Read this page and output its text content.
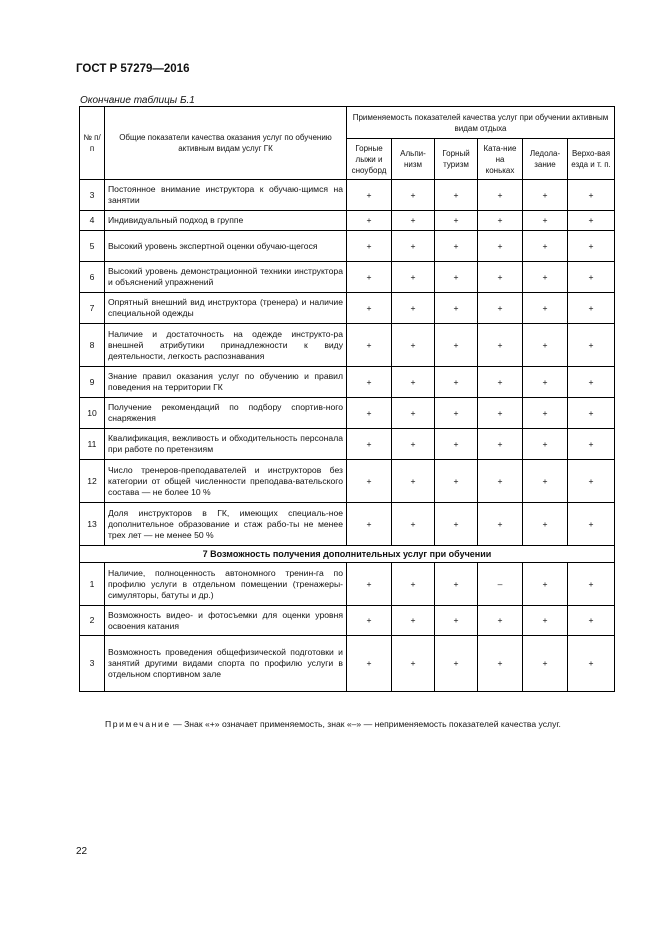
ГОСТ Р 57279—2016
Окончание таблицы Б.1
№ п/п	Общие показатели качества оказания услуг по обучению активным видам услуг ГК	Применяемость показателей качества услуг при обучении активным видам отдыха					
		Горные лыжи и сноуборд	Альпи-низм	Горный туризм	Ката-ние на коньках	Ледола-зание	Верхо-вая езда и т. п.
3	Постоянное внимание инструктора к обучаю-щимся на занятии	+	+	+	+	+	+
4	Индивидуальный подход в группе	+	+	+	+	+	+
5	Высокий уровень экспертной оценки обучаю-щегося	+	+	+	+	+	+
6	Высокий уровень демонстрационной техники инструктора и объяснений упражнений	+	+	+	+	+	+
7	Опрятный внешний вид инструктора (тренера) и наличие специальной одежды	+	+	+	+	+	+
8	Наличие и достаточность на одежде инструкто-ра внешней атрибутики принадлежности к виду деятельности, легкость распознавания	+	+	+	+	+	+
9	Знание правил оказания услуг по обучению и правил поведения на территории ГК	+	+	+	+	+	+
10	Получение рекомендаций по подбору спортив-ного снаряжения	+	+	+	+	+	+
11	Квалификация, вежливость и обходительность персонала при работе по претензиям	+	+	+	+	+	+
12	Число тренеров-преподавателей и инструкторов без категории от общей численности преподава-вательского состава — не более 10 %	+	+	+	+	+	+
13	Доля инструкторов в ГК, имеющих специаль-ное дополнительное образование и стаж рабо-ты не менее трех лет — не менее 50 %	+	+	+	+	+	+
7 Возможность получения дополнительных услуг при обучении							
1	Наличие, полноценность автономного тренин-га по профилю услуги в отдельном помещении (тренажеры-симуляторы, батуты и др.)	+	+	+	–	+	+
2	Возможность видео- и фотосъемки для оценки уровня освоения катания	+	+	+	+	+	+
3	Возможность проведения общефизической подготовки и занятий другими видами спорта по профилю услуги в отдельном спортивном зале	+	+	+	+	+	+
Примечание — Знак «+» означает применяемость, знак «–» — неприменяемость показателей качества услуг.
22
